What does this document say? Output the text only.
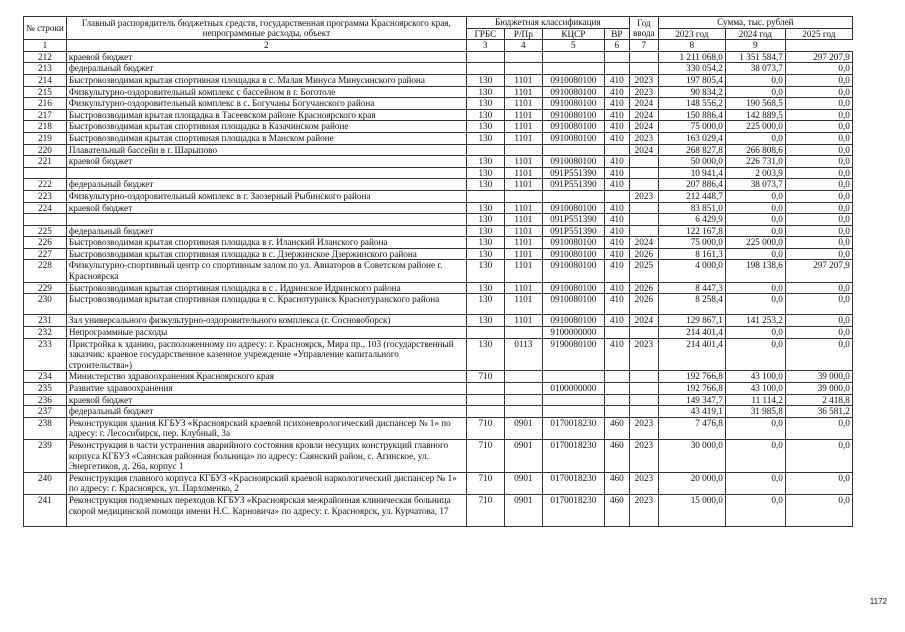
№ строки	Главный распорядитель бюджетных средств, государственная программа Красноярского края, непрограммные расходы, объект	Бюджетная классификация				Год ввода	Сумма, тыс. рублей		
		ГРБС	Р/Пр	КЦСР	ВР		2023 год	2024 год	2025 год
1	2	3	4	5	6	7	8	9	
212	краевой бюджет						1 211 068,0	1 351 584,7	297 207,9
213	федеральный бюджет						330 054,2	38 073,7	0,0
214	Быстровозводимая крытая спортивная площадка в с. Малая Минуса Минусинского района	130	1101	0910080100	410	2023	197 805,4	0,0	0,0
215	Физкультурно-оздоровительный комплекс с бассейном в г. Боготоле	130	1101	0910080100	410	2023	90 834,2	0,0	0,0
216	Физкультурно-оздоровительный комплекс в с. Богучаны Богучанского района	130	1101	0910080100	410	2024	148 556,2	190 568,5	0,0
217	Быстровозводимая крытая площадка в Тасеевском районе Красноярского края	130	1101	0910080100	410	2024	150 886,4	142 889,5	0,0
218	Быстровозводимая крытая спортивная площадка в Казачинском районе	130	1101	0910080100	410	2024	75 000,0	225 000,0	0,0
219	Быстровозводимая крытая спортивная площадка в Манском районе	130	1101	0910080100	410	2023	163 029,4	0,0	0,0
220	Плавательный бассейн в г. Шарыпово					2024	268 827,8	266 808,6	0,0
221	краевой бюджет	130	1101	0910080100	410		50 000,0	226 731,0	0,0
		130	1101	091P551390	410		10 941,4	2 003,9	0,0
222	федеральный бюджет	130	1101	091P551390	410		207 886,4	38 073,7	0,0
223	Физкультурно-оздоровительный комплекс в г. Заозерный Рыбинского района					2023	212 448,7	0,0	0,0
224	краевой бюджет	130	1101	0910080100	410		83 851,0	0,0	0,0
		130	1101	091P551390	410		6 429,9	0,0	0,0
225	федеральный бюджет	130	1101	091P551390	410		122 167,8	0,0	0,0
226	Быстровозводимая крытая спортивная площадка в г. Иланский Иланского района	130	1101	0910080100	410	2024	75 000,0	225 000,0	0,0
227	Быстровозводимая крытая спортивная площадка в с. Дзержинское Дзержинского района	130	1101	0910080100	410	2026	8 161,3	0,0	0,0
228	Физкультурно-спортивный центр со спортивным залом по ул. Авиаторов в Советском районе г. Красноярска	130	1101	0910080100	410	2025	4 000,0	198 138,6	297 207,9
229	Быстровозводимая крытая спортивная площадка в с . Идринское Идринского района	130	1101	0910080100	410	2026	8 447,3	0,0	0,0
230	Быстровозводимая крытая спортивная площадка в с. Краснотуранск Краснотуранского района	130	1101	0910080100	410	2026	8 258,4	0,0	0,0
231	Зал универсального физкультурно-оздоровительного комплекса (г. Сосновоборск)	130	1101	0910080100	410	2024	129 867,1	141 253,2	0,0
232	Непрограммные расходы			9100000000			214 401,4	0,0	0,0
233	Пристройка к зданию, расположенному по адресу: г. Красноярск, Мира пр., 103 (государственный заказчик: краевое государственное казенное учреждение «Управление капитального строительства»)	130	0113	9190080100	410	2023	214 401,4	0,0	0,0
234	Министерство здравоохранения Красноярского края	710					192 766,8	43 100,0	39 000,0
235	Развитие здравоохранения			0100000000			192 766,8	43 100,0	39 000,0
236	краевой бюджет						149 347,7	11 114,2	2 418,8
237	федеральный бюджет						43 419,1	31 985,8	36 581,2
238	Реконструкция здания КГБУЗ «Красноярский краевой психоневрологический диспансер № 1» по адресу: г. Лесосибирск, пер. Клубный, 3а	710	0901	0170018230	460	2023	7 476,8	0,0	0,0
239	Реконструкция в части устранения аварийного состояния кровли несущих конструкций главного корпуса КГБУЗ «Саянская районная больница» по адресу: Саянский район, с. Агинское, ул. Энергетиков, д. 26а, корпус 1	710	0901	0170018230	460	2023	30 000,0	0,0	0,0
240	Реконструкция главного корпуса КГБУЗ «Красноярский краевой наркологический диспансер № 1» по адресу: г. Красноярск, ул. Пархоменко, 2	710	0901	0170018230	460	2023	20 000,0	0,0	0,0
241	Реконструкция подземных переходов КГБУЗ «Красноярская межрайонная клиническая больница скорой медицинской помощи имени Н.С. Карновича» по адресу: г. Красноярск, ул. Курчатова, 17	710	0901	0170018230	460	2023	15 000,0	0,0	0,0
1172
